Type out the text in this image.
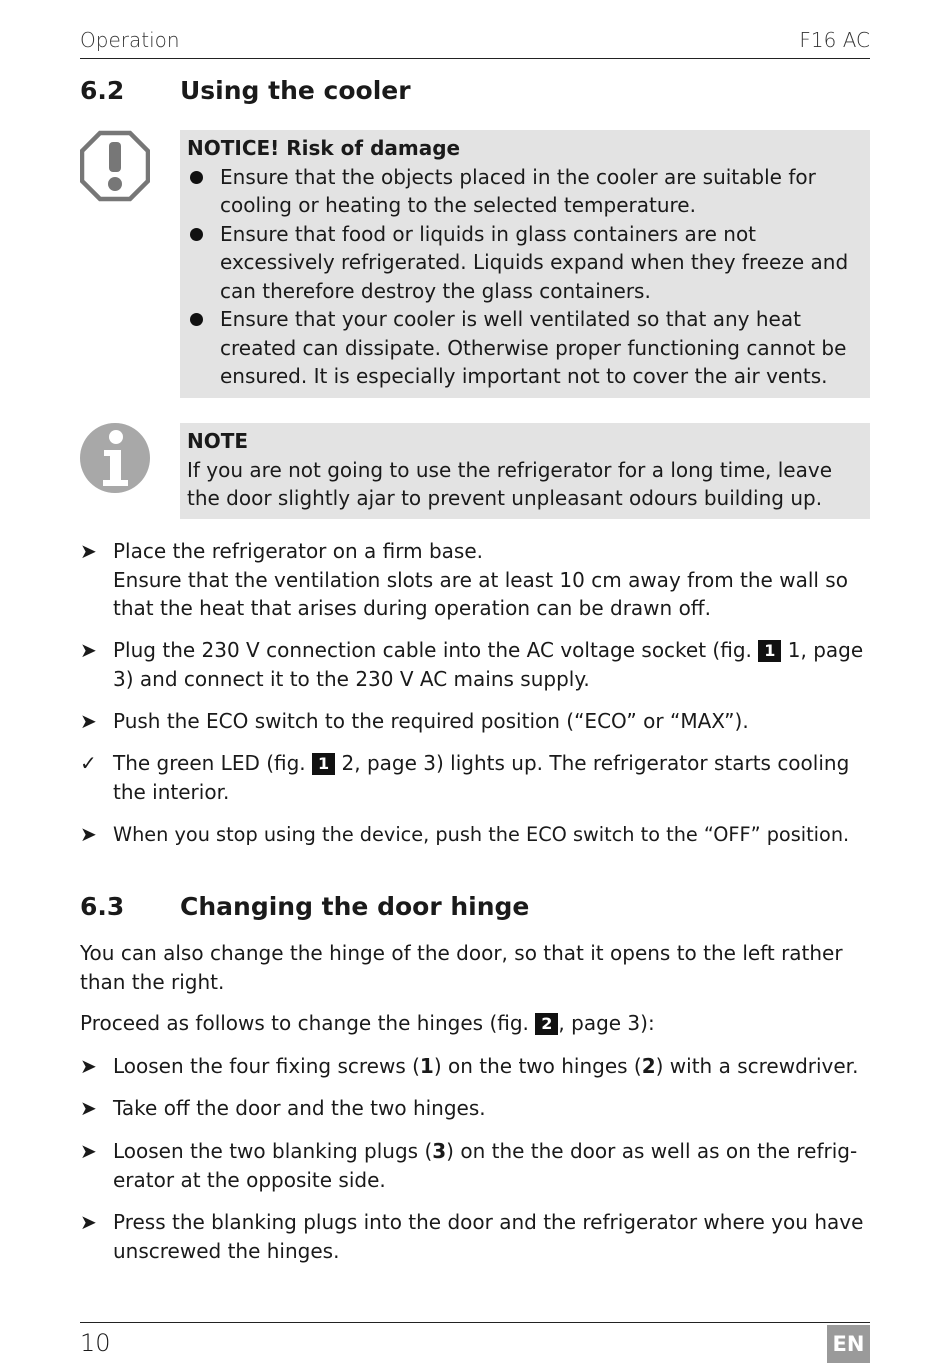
Operation	F16 AC
6.2 Using the cooler
NOTICE! Risk of damage
Ensure that the objects placed in the cooler are suitable for cooling or heating to the selected temperature.
Ensure that food or liquids in glass containers are not excessively refrigerated. Liquids expand when they freeze and can therefore destroy the glass containers.
Ensure that your cooler is well ventilated so that any heat created can dissipate. Otherwise proper functioning cannot be ensured. It is especially important not to cover the air vents.
NOTE
If you are not going to use the refrigerator for a long time, leave the door slightly ajar to prevent unpleasant odours building up.
➤ Place the refrigerator on a firm base.
Ensure that the ventilation slots are at least 10 cm away from the wall so that the heat that arises during operation can be drawn off.
➤ Plug the 230 V connection cable into the AC voltage socket (fig. 1 1, page 3) and connect it to the 230 V AC mains supply.
➤ Push the ECO switch to the required position (“ECO” or “MAX”).
✓ The green LED (fig. 1 2, page 3) lights up. The refrigerator starts cooling the interior.
➤ When you stop using the device, push the ECO switch to the “OFF” position.
6.3 Changing the door hinge
You can also change the hinge of the door, so that it opens to the left rather than the right.
Proceed as follows to change the hinges (fig. 2 , page 3):
➤ Loosen the four fixing screws (1) on the two hinges (2) with a screwdriver.
➤ Take off the door and the two hinges.
➤ Loosen the two blanking plugs (3) on the the door as well as on the refrig-erator at the opposite side.
➤ Press the blanking plugs into the door and the refrigerator where you have unscrewed the hinges.
10	EN
